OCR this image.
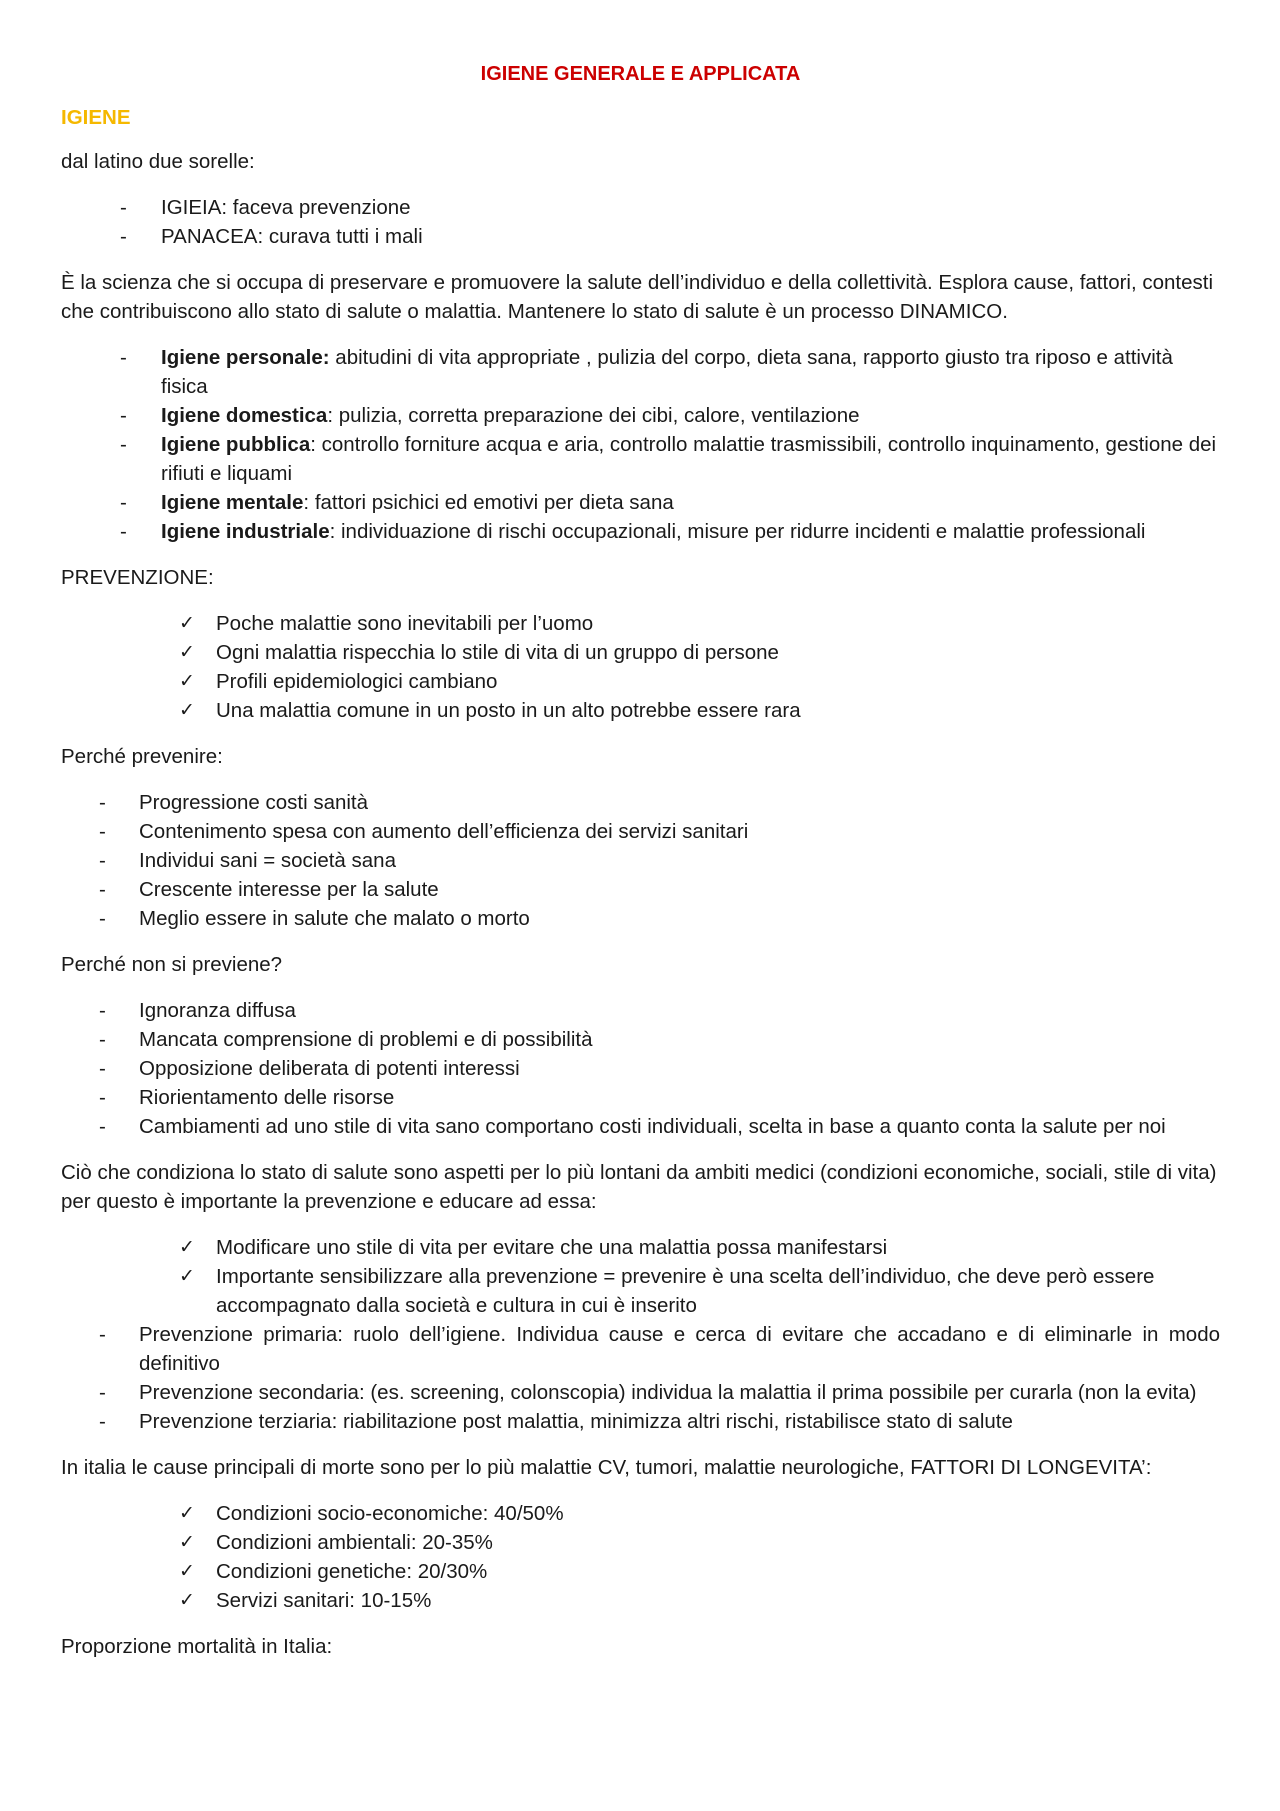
IGIENE GENERALE E APPLICATA

IGIENE

dal latino due sorelle:

- IGIEIA: faceva prevenzione
- PANACEA: curava tutti i mali

È la scienza che si occupa di preservare e promuovere la salute dell’individuo e della collettività. Esplora cause, fattori, contesti che contribuiscono allo stato di salute o malattia. Mantenere lo stato di salute è un processo DINAMICO.

- Igiene personale: abitudini di vita appropriate , pulizia del corpo, dieta sana, rapporto giusto tra riposo e attività fisica
- Igiene domestica: pulizia, corretta preparazione dei cibi, calore, ventilazione
- Igiene pubblica: controllo forniture acqua e aria, controllo malattie trasmissibili, controllo inquinamento, gestione dei rifiuti e liquami
- Igiene mentale: fattori psichici ed emotivi per dieta sana
- Igiene industriale: individuazione di rischi occupazionali, misure per ridurre incidenti e malattie professionali

PREVENZIONE:

✓ Poche malattie sono inevitabili per l’uomo
✓ Ogni malattia rispecchia lo stile di vita di un gruppo di persone
✓ Profili epidemiologici cambiano
✓ Una malattia comune in un posto in un alto potrebbe essere rara

Perché prevenire:

- Progressione costi sanità
- Contenimento spesa con aumento dell’efficienza dei servizi sanitari
- Individui sani = società sana
- Crescente interesse per la salute
- Meglio essere in salute che malato o morto

Perché non si previene?

- Ignoranza diffusa
- Mancata comprensione di problemi e di possibilità
- Opposizione deliberata di potenti interessi
- Riorientamento delle risorse
- Cambiamenti ad uno stile di vita sano comportano costi individuali, scelta in base a quanto conta la salute per noi

Ciò che condiziona lo stato di salute sono aspetti per lo più lontani da ambiti medici (condizioni economiche, sociali, stile di vita) per questo è importante la prevenzione e educare ad essa:

✓ Modificare uno stile di vita per evitare che una malattia possa manifestarsi
✓ Importante sensibilizzare alla prevenzione = prevenire è una scelta dell’individuo, che deve però essere accompagnato dalla società e cultura in cui è inserito
- Prevenzione primaria: ruolo dell’igiene. Individua cause e cerca di evitare che accadano e di eliminarle in modo definitivo
- Prevenzione secondaria: (es. screening, colonscopia) individua la malattia il prima possibile per curarla (non la evita)
- Prevenzione terziaria: riabilitazione post malattia, minimizza altri rischi, ristabilisce stato di salute

In italia le cause principali di morte sono per lo più malattie CV, tumori, malattie neurologiche, FATTORI DI LONGEVITA’:

✓ Condizioni socio-economiche: 40/50%
✓ Condizioni ambientali: 20-35%
✓ Condizioni genetiche: 20/30%
✓ Servizi sanitari: 10-15%

Proporzione mortalità in Italia:
